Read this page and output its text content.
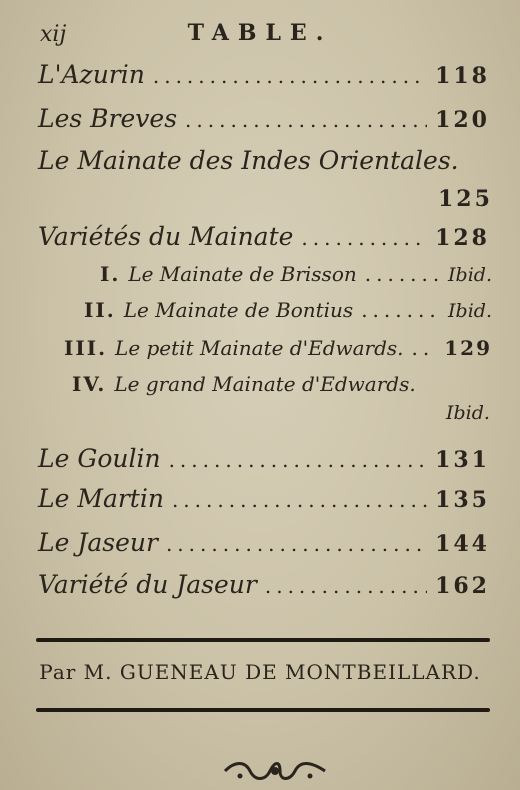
xij	TABLE.
L'Azurin .....	118
Les Breves .....	120
Le Mainate des Indes Orientales.
125
Variétés du Mainate .....	128
I. Le Mainate de Brisson .....	Ibid.
II. Le Mainate de Bontius .....	Ibid.
III. Le petit Mainate d'Edwards. ..... 129
IV. Le grand Mainate d'Edwards.
Ibid.
Le Goulin .....	131
Le Martin .....	135
Le Jaseur .....	144
Variété du Jaseur .....	162
Par M. GUENEAU DE MONTBEILLARD.
